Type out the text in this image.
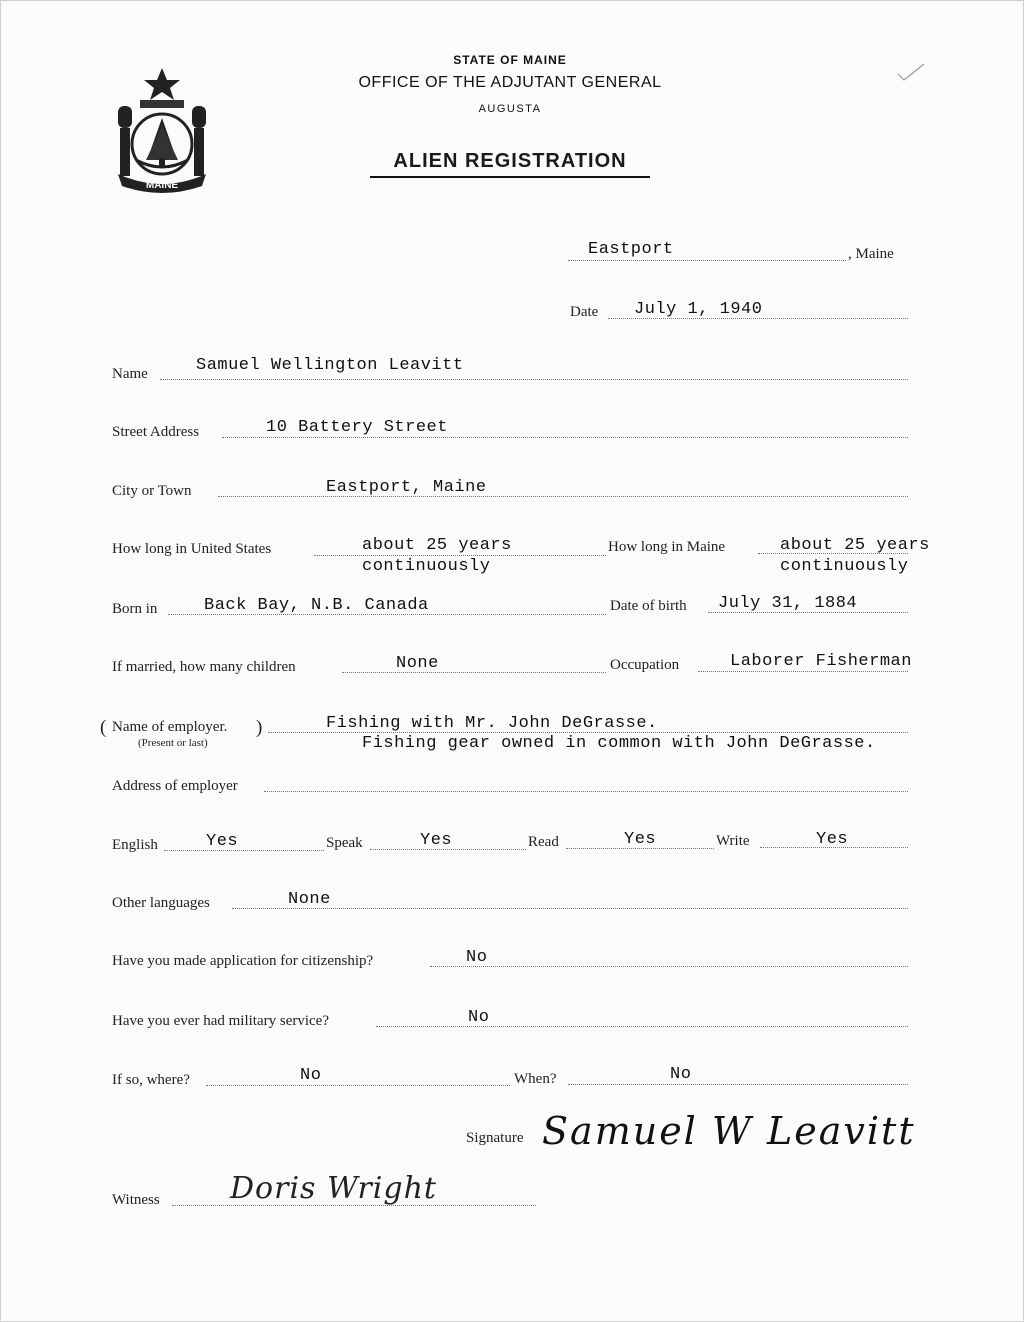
MAINE
STATE OF MAINE
OFFICE OF THE ADJUTANT GENERAL
AUGUSTA
ALIEN REGISTRATION
Eastport	, Maine
Date July 1, 1940
Name	Samuel Wellington Leavitt
Street Address	10 Battery Street
City or Town	Eastport, Maine
How long in United States	about 25 years
continuously
How long in Maine	about 25 years
continuously
Born in	Back Bay, N.B. Canada	Date of birth July 31, 1884
If married, how many children	None	Occupation	Laborer Fisherman
( Name of employer. )
(Present or last)
Fishing with Mr. John DeGrasse.
Fishing gear owned in common with John DeGrasse.
Address of employer
English	Yes	Speak	Yes	Read	Yes	Write	Yes
Other languages	None
Have you made application for citizenship?	No
Have you ever had military service?	No
If so, where?	No	When?	No
Signature Samuel W Leavitt
Witness Doris Wright
